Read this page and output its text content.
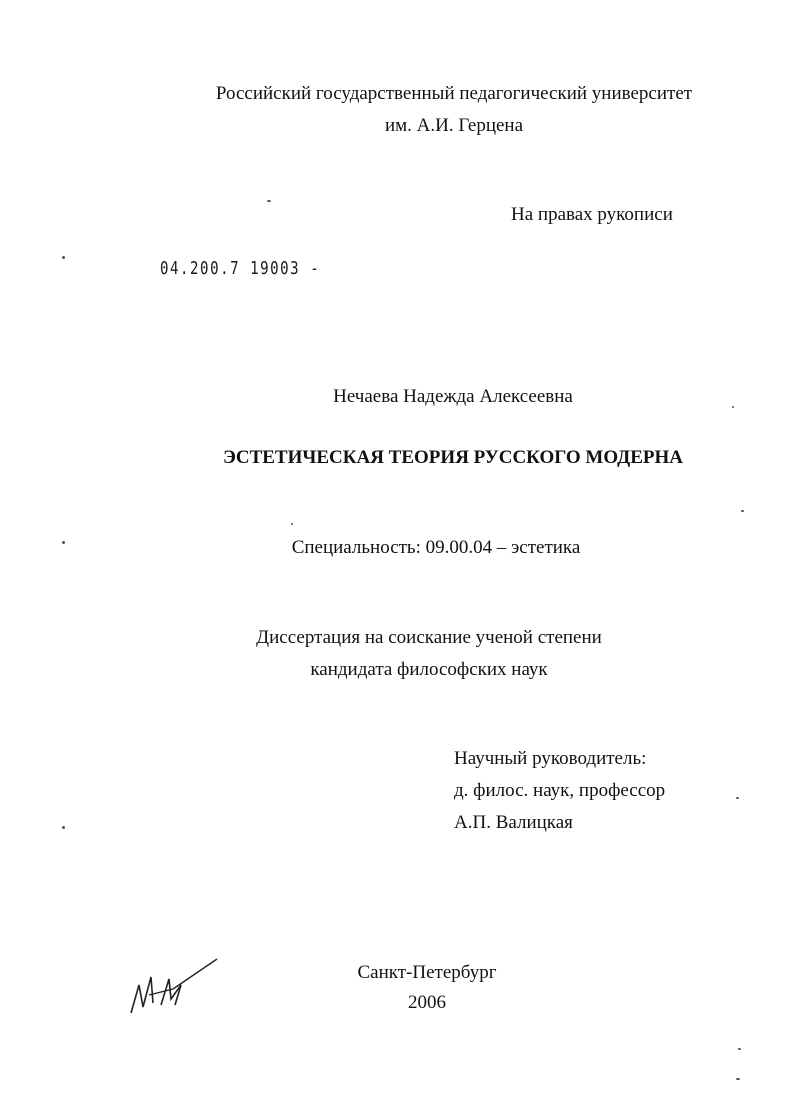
Российский государственный педагогический университет
им. А.И. Герцена
На правах рукописи
04.200.7 19003 -
Нечаева Надежда Алексеевна
ЭСТЕТИЧЕСКАЯ ТЕОРИЯ РУССКОГО МОДЕРНА
Специальность: 09.00.04 – эстетика
Диссертация на соискание ученой степени
кандидата философских наук
Научный руководитель:
д. филос. наук, профессор
А.П. Валицкая
Санкт-Петербург
2006
